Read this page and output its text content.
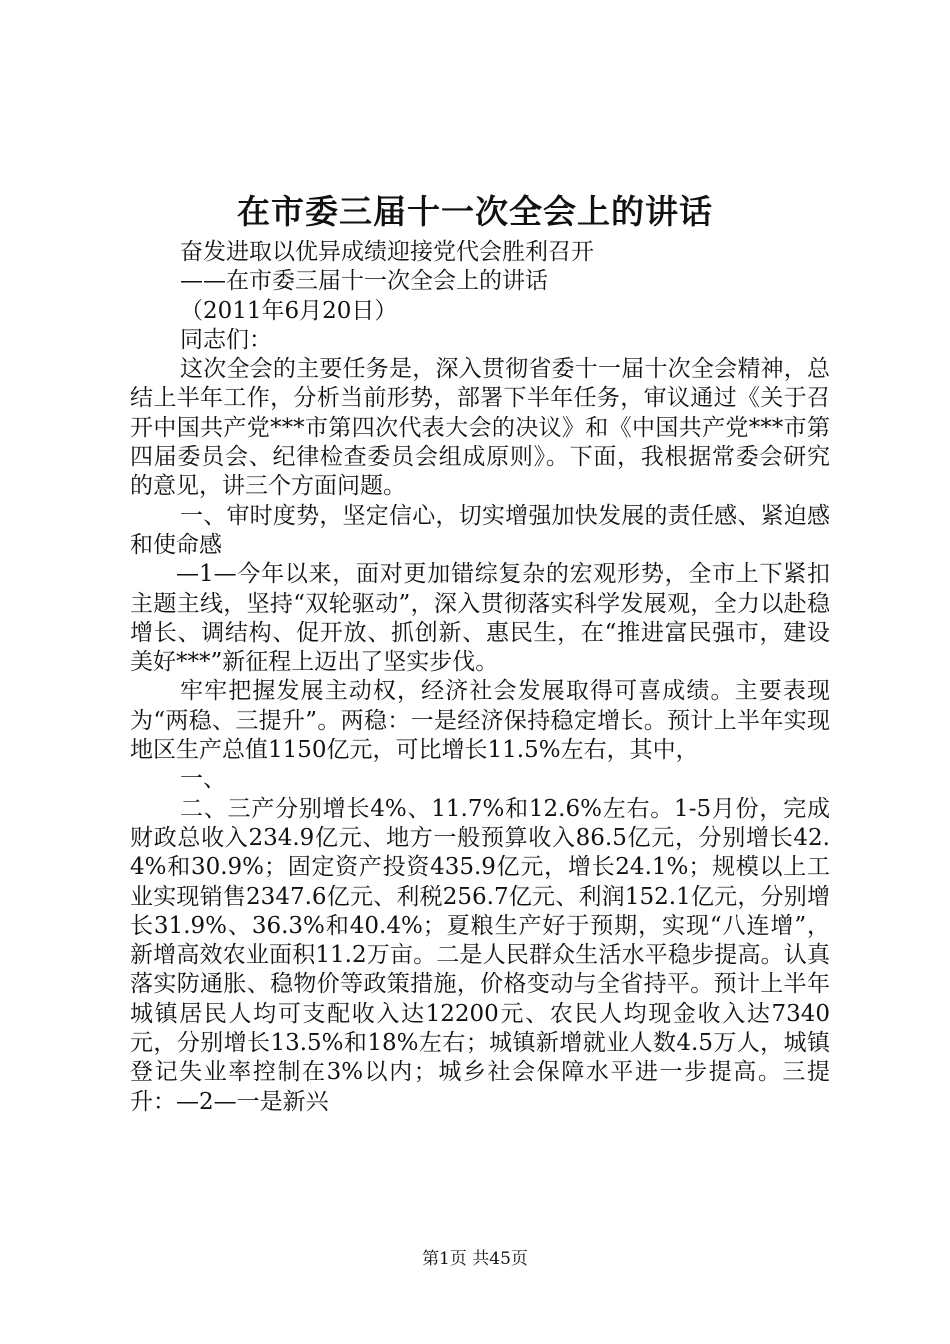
在市委三届十一次全会上的讲话

奋发进取以优异成绩迎接党代会胜利召开

——在市委三届十一次全会上的讲话

（2011年6月20日）

同志们：

这次全会的主要任务是，深入贯彻省委十一届十次全会精神，总结上半年工作，分析当前形势，部署下半年任务，审议通过《关于召开中国共产党***市第四次代表大会的决议》和《中国共产党***市第四届委员会、纪律检查委员会组成原则》。下面，我根据常委会研究的意见，讲三个方面问题。

一、审时度势，坚定信心，切实增强加快发展的责任感、紧迫感和使命感

—1—今年以来，面对更加错综复杂的宏观形势，全市上下紧扣主题主线，坚持“双轮驱动”，深入贯彻落实科学发展观，全力以赴稳增长、调结构、促开放、抓创新、惠民生，在“推进富民强市，建设美好***”新征程上迈出了坚实步伐。

牢牢把握发展主动权，经济社会发展取得可喜成绩。主要表现为“两稳、三提升”。两稳：一是经济保持稳定增长。预计上半年实现地区生产总值1150亿元，可比增长11.5%左右，其中，

一、

二、三产分别增长4%、11.7%和12.6%左右。1-5月份，完成财政总收入234.9亿元、地方一般预算收入86.5亿元，分别增长42.4%和30.9%；固定资产投资435.9亿元，增长24.1%；规模以上工业实现销售2347.6亿元、利税256.7亿元、利润152.1亿元，分别增长31.9%、36.3%和40.4%；夏粮生产好于预期，实现“八连增”，新增高效农业面积11.2万亩。二是人民群众生活水平稳步提高。认真落实防通胀、稳物价等政策措施，价格变动与全省持平。预计上半年城镇居民人均可支配收入达12200元、农民人均现金收入达7340元，分别增长13.5%和18%左右；城镇新增就业人数4.5万人，城镇登记失业率控制在3%以内；城乡社会保障水平进一步提高。三提升：—2—一是新兴

第1页 共45页
